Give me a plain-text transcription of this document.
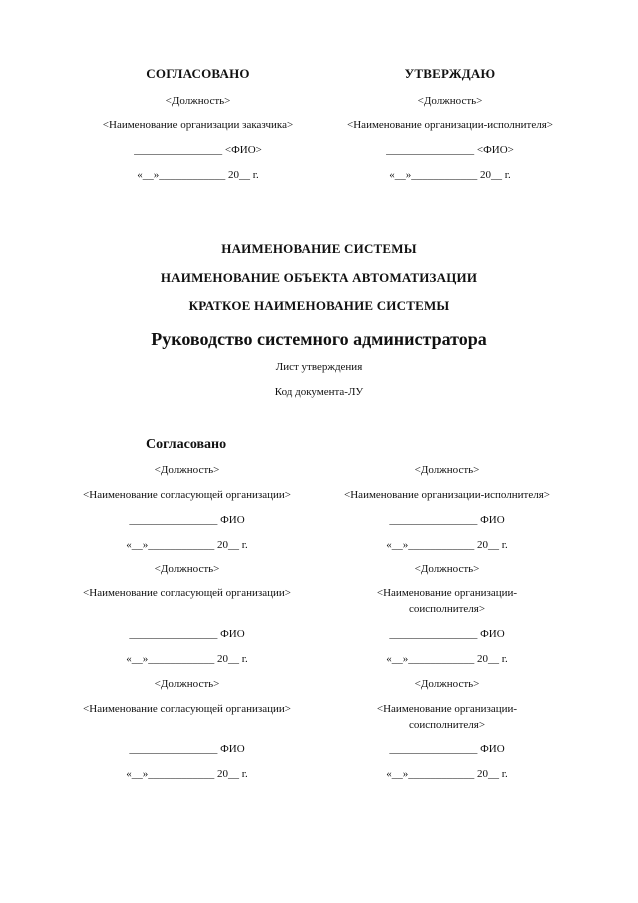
СОГЛАСОВАНО
<Должность>
<Наименование организации заказчика>
________________ <ФИО>
«__»____________ 20__ г.
УТВЕРЖДАЮ
<Должность>
<Наименование организации-исполнителя>
________________ <ФИО>
«__»____________ 20__ г.
НАИМЕНОВАНИЕ СИСТЕМЫ
НАИМЕНОВАНИЕ ОБЪЕКТА АВТОМАТИЗАЦИИ
КРАТКОЕ НАИМЕНОВАНИЕ СИСТЕМЫ
Руководство системного администратора
Лист утверждения
Код документа-ЛУ
Согласовано
<Должность>
<Наименование согласующей организации>
________________ ФИО
«__»____________ 20__ г.
<Должность>
<Наименование согласующей организации>
________________ ФИО
«__»____________ 20__ г.
<Должность>
<Наименование согласующей организации>
________________ ФИО
«__»____________ 20__ г.
<Должность>
<Наименование организации-исполнителя>
________________ ФИО
«__»____________ 20__ г.
<Должность>
<Наименование организации-
соисполнителя>
________________ ФИО
«__»____________ 20__ г.
<Должность>
<Наименование организации-
соисполнителя>
________________ ФИО
«__»____________ 20__ г.
